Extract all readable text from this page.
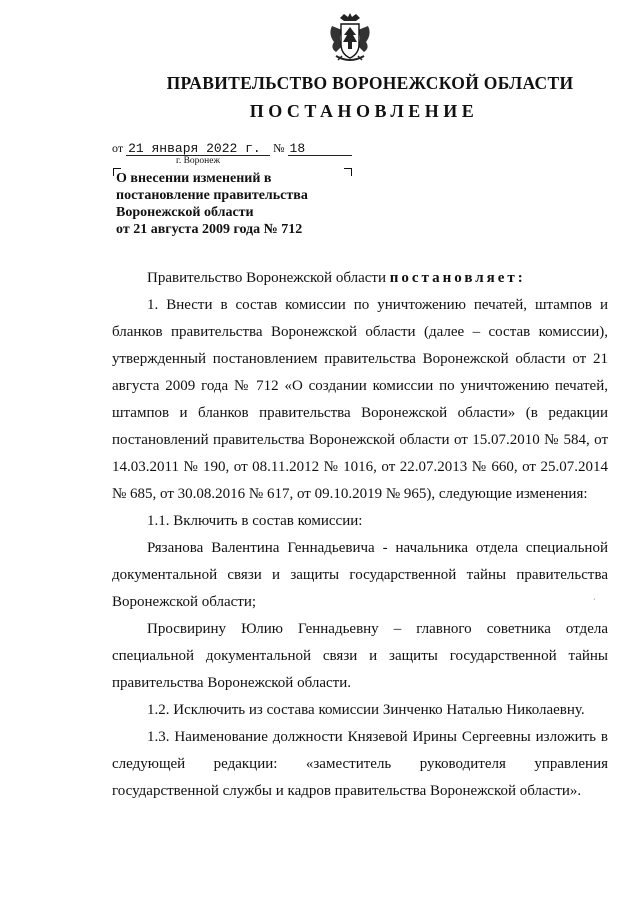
ПРАВИТЕЛЬСТВО ВОРОНЕЖСКОЙ ОБЛАСТИ
ПОСТАНОВЛЕНИЕ
от 21 января 2022 г. № 18
г. Воронеж
О внесении изменений в
постановление правительства
Воронежской области
от 21 августа 2009 года № 712

Правительство Воронежской области постановляет:

1. Внести в состав комиссии по уничтожению печатей, штампов и бланков правительства Воронежской области (далее – состав комиссии), утвержденный постановлением правительства Воронежской области от 21 августа 2009 года № 712 «О создании комиссии по уничтожению печатей, штампов и бланков правительства Воронежской области» (в редакции постановлений правительства Воронежской области от 15.07.2010 № 584, от 14.03.2011 № 190, от 08.11.2012 № 1016, от 22.07.2013 № 660, от 25.07.2014 № 685, от 30.08.2016 № 617, от 09.10.2019 № 965), следующие изменения:

1.1. Включить в состав комиссии:

Рязанова Валентина Геннадьевича - начальника отдела специальной документальной связи и защиты государственной тайны правительства Воронежской области;

Просвирину Юлию Геннадьевну – главного советника отдела специальной документальной связи и защиты государственной тайны правительства Воронежской области.

1.2. Исключить из состава комиссии Зинченко Наталью Николаевну.

1.3. Наименование должности Князевой Ирины Сергеевны изложить в следующей редакции: «заместитель руководителя управления государственной службы и кадров правительства Воронежской области».

ˊ
